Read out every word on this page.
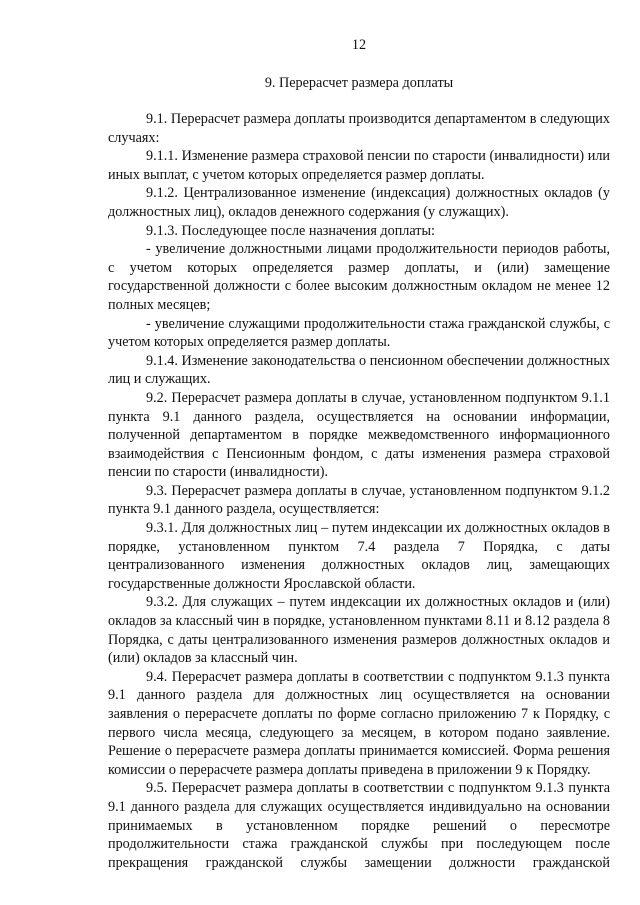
12
9. Перерасчет размера доплаты

9.1. Перерасчет размера доплаты производится департаментом в следующих случаях:

9.1.1. Изменение размера страховой пенсии по старости (инвалидности) или иных выплат, с учетом которых определяется размер доплаты.

9.1.2. Централизованное изменение (индексация) должностных окладов (у должностных лиц), окладов денежного содержания (у служащих).

9.1.3. Последующее после назначения доплаты:

- увеличение должностными лицами продолжительности периодов работы, с учетом которых определяется размер доплаты, и (или) замещение государственной должности с более высоким должностным окладом не менее 12 полных месяцев;

- увеличение служащими продолжительности стажа гражданской службы, с учетом которых определяется размер доплаты.

9.1.4. Изменение законодательства о пенсионном обеспечении должностных лиц и служащих.

9.2. Перерасчет размера доплаты в случае, установленном подпунктом 9.1.1 пункта 9.1 данного раздела, осуществляется на основании информации, полученной департаментом в порядке межведомственного информационного взаимодействия с Пенсионным фондом, с даты изменения размера страховой пенсии по старости (инвалидности).

9.3. Перерасчет размера доплаты в случае, установленном подпунктом 9.1.2 пункта 9.1 данного раздела, осуществляется:

9.3.1. Для должностных лиц – путем индексации их должностных окладов в порядке, установленном пунктом 7.4 раздела 7 Порядка, с даты централизованного изменения должностных окладов лиц, замещающих государственные должности Ярославской области.

9.3.2. Для служащих – путем индексации их должностных окладов и (или) окладов за классный чин в порядке, установленном пунктами 8.11 и 8.12 раздела 8 Порядка, с даты централизованного изменения размеров должностных окладов и (или) окладов за классный чин.

9.4. Перерасчет размера доплаты в соответствии с подпунктом 9.1.3 пункта 9.1 данного раздела для должностных лиц осуществляется на основании заявления о перерасчете доплаты по форме согласно приложению 7 к Порядку, с первого числа месяца, следующего за месяцем, в котором подано заявление. Решение о перерасчете размера доплаты принимается комиссией. Форма решения комиссии о перерасчете размера доплаты приведена в приложении 9 к Порядку.

9.5. Перерасчет размера доплаты в соответствии с подпунктом 9.1.3 пункта 9.1 данного раздела для служащих осуществляется индивидуально на основании принимаемых в установленном порядке решений о пересмотре продолжительности стажа гражданской службы при последующем после прекращения гражданской службы замещении должности гражданской
